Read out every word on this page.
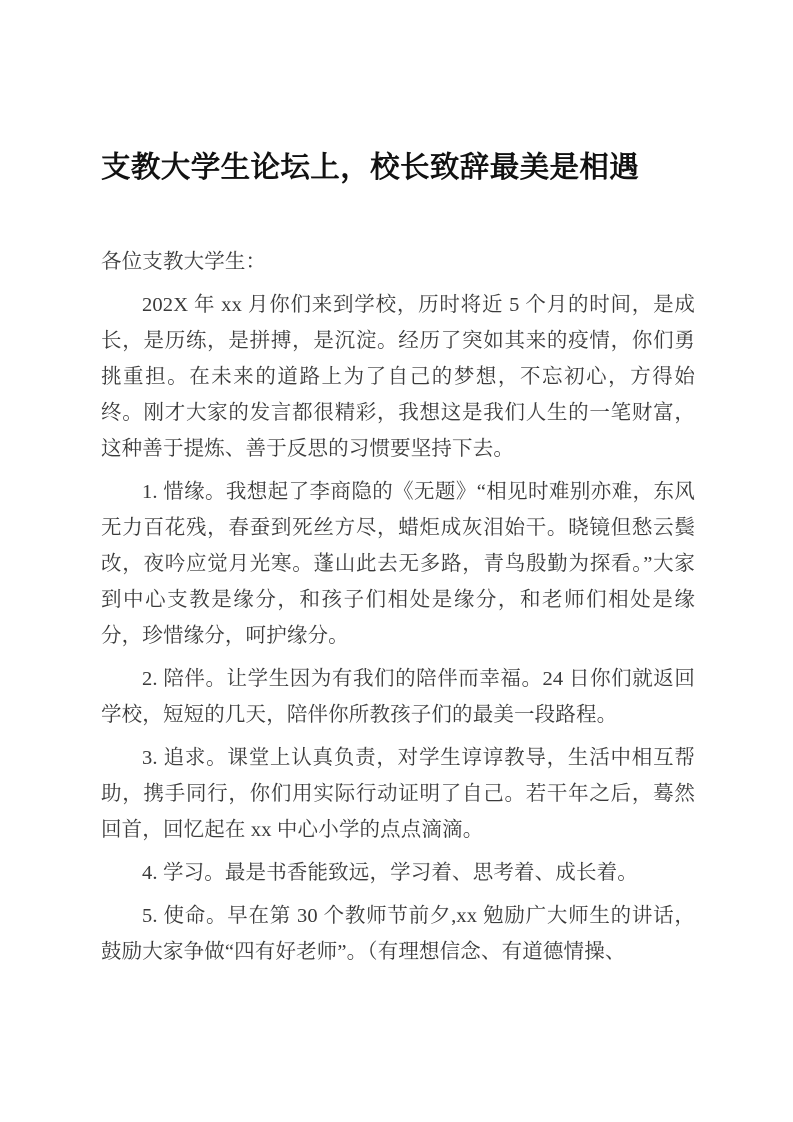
支教大学生论坛上，校长致辞最美是相遇

各位支教大学生：

202X 年 xx 月你们来到学校，历时将近 5 个月的时间，是成长，是历练，是拼搏，是沉淀。经历了突如其来的疫情，你们勇挑重担。在未来的道路上为了自己的梦想，不忘初心，方得始终。刚才大家的发言都很精彩，我想这是我们人生的一笔财富，这种善于提炼、善于反思的习惯要坚持下去。

1. 惜缘。我想起了李商隐的《无题》“相见时难别亦难，东风无力百花残，春蚕到死丝方尽，蜡炬成灰泪始干。晓镜但愁云鬓改，夜吟应觉月光寒。蓬山此去无多路，青鸟殷勤为探看。”大家到中心支教是缘分，和孩子们相处是缘分，和老师们相处是缘分，珍惜缘分，呵护缘分。

2. 陪伴。让学生因为有我们的陪伴而幸福。24 日你们就返回学校，短短的几天，陪伴你所教孩子们的最美一段路程。

3. 追求。课堂上认真负责，对学生谆谆教导，生活中相互帮助，携手同行，你们用实际行动证明了自己。若干年之后，蓦然回首，回忆起在 xx 中心小学的点点滴滴。

4. 学习。最是书香能致远，学习着、思考着、成长着。

5. 使命。早在第 30 个教师节前夕,xx 勉励广大师生的讲话，鼓励大家争做“四有好老师”。（有理想信念、有道德情操、
